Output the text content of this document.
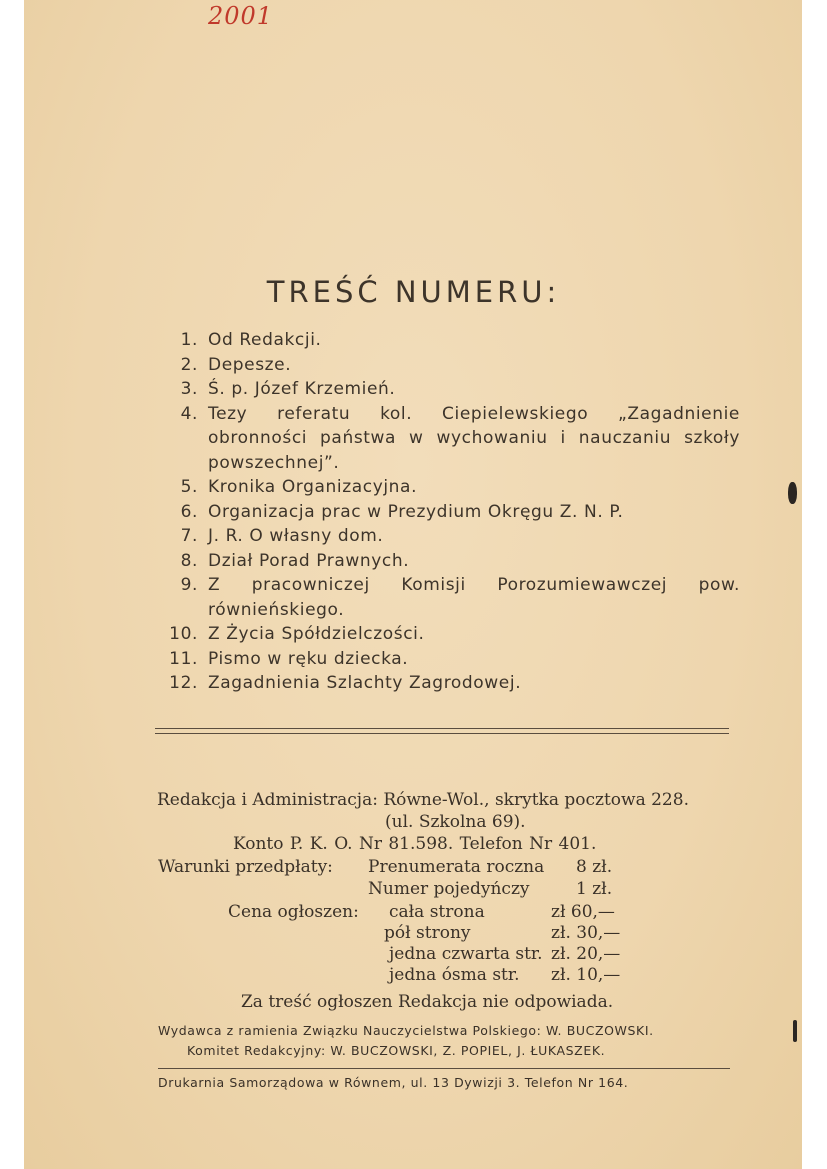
2001
TREŚĆ NUMERU:
1. Od Redakcji.
2. Depesze.
3. Ś. p. Józef Krzemień.
4. Tezy referatu kol. Ciepielewskiego „Zagadnienie obronności państwa w wychowaniu i nauczaniu szkoły powszechnej”.
5. Kronika Organizacyjna.
6. Organizacja prac w Prezydium Okręgu Z. N. P.
7. J. R. O własny dom.
8. Dział Porad Prawnych.
9. Z pracowniczej Komisji Porozumiewawczej pow. równieńskiego.
10. Z Życia Spółdzielczości.
11. Pismo w ręku dziecka.
12. Zagadnienia Szlachty Zagrodowej.
Redakcja i Administracja: Równe-Wol., skrytka pocztowa 228.
(ul. Szkolna 69).
Konto P. K. O. Nr 81.598. Telefon Nr 401.
Warunki przedpłaty: Prenumerata roczna 8 zł.
Numer pojedyńczy	1 zł.
Cena ogłoszen: cała strona	zł 60,—
pół strony	zł. 30,—
jedna czwarta str. zł. 20,—
jedna ósma str. zł. 10,—
Za treść ogłoszen Redakcja nie odpowiada.
Wydawca z ramienia Związku Nauczycielstwa Polskiego: W. BUCZOWSKI.
Komitet Redakcyjny: W. BUCZOWSKI, Z. POPIEL, J. ŁUKASZEK.
Drukarnia Samorządowa w Równem, ul. 13 Dywizji 3. Telefon Nr 164.
